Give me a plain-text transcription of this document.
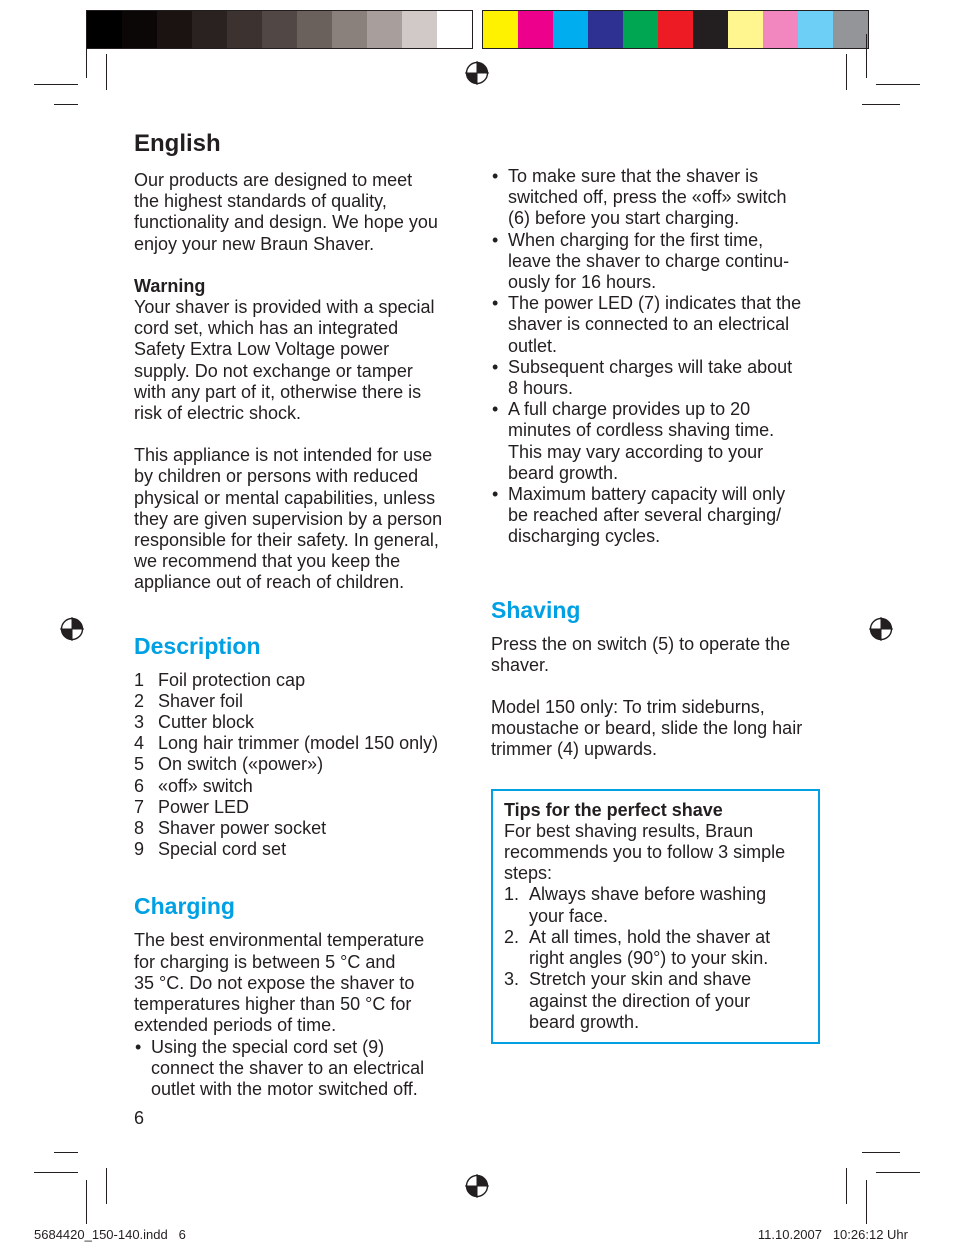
English
Our products are designed to meet
the highest standards of quality,
functionality and design. We hope you
enjoy your new Braun Shaver.
Warning
Your shaver is provided with a special
cord set, which has an integrated
Safety Extra Low Voltage power
supply. Do not exchange or tamper
with any part of it, otherwise there is
risk of electric shock.
This appliance is not intended for use
by children or persons with reduced
physical or mental capabilities, unless
they are given supervision by a person
responsible for their safety. In general,
we recommend that you keep the
appliance out of reach of children.
Description
1 Foil protection cap
2 Shaver foil
3 Cutter block
4 Long hair trimmer (model 150 only)
5 On switch («power»)
6 «off» switch
7 Power LED
8 Shaver power socket
9 Special cord set
Charging
The best environmental temperature
for charging is between 5 °C and
35 °C. Do not expose the shaver to
temperatures higher than 50 °C for
extended periods of time.
• Using the special cord set (9)
connect the shaver to an electrical
outlet with the motor switched off.
• To make sure that the shaver is
switched off, press the «off» switch
(6) before you start charging.
• When charging for the first time,
leave the shaver to charge continu-
ously for 16 hours.
• The power LED (7) indicates that the
shaver is connected to an electrical
outlet.
• Subsequent charges will take about
8 hours.
• A full charge provides up to 20
minutes of cordless shaving time.
This may vary according to your
beard growth.
• Maximum battery capacity will only
be reached after several charging/
discharging cycles.
Shaving
Press the on switch (5) to operate the
shaver.
Model 150 only: To trim sideburns,
moustache or beard, slide the long hair
trimmer (4) upwards.
Tips for the perfect shave
For best shaving results, Braun
recommends you to follow 3 simple
steps:
1. Always shave before washing
your face.
2. At all times, hold the shaver at
right angles (90°) to your skin.
3. Stretch your skin and shave
against the direction of your
beard growth.
6
5684420_150-140.indd   6	11.10.2007   10:26:12 Uhr
